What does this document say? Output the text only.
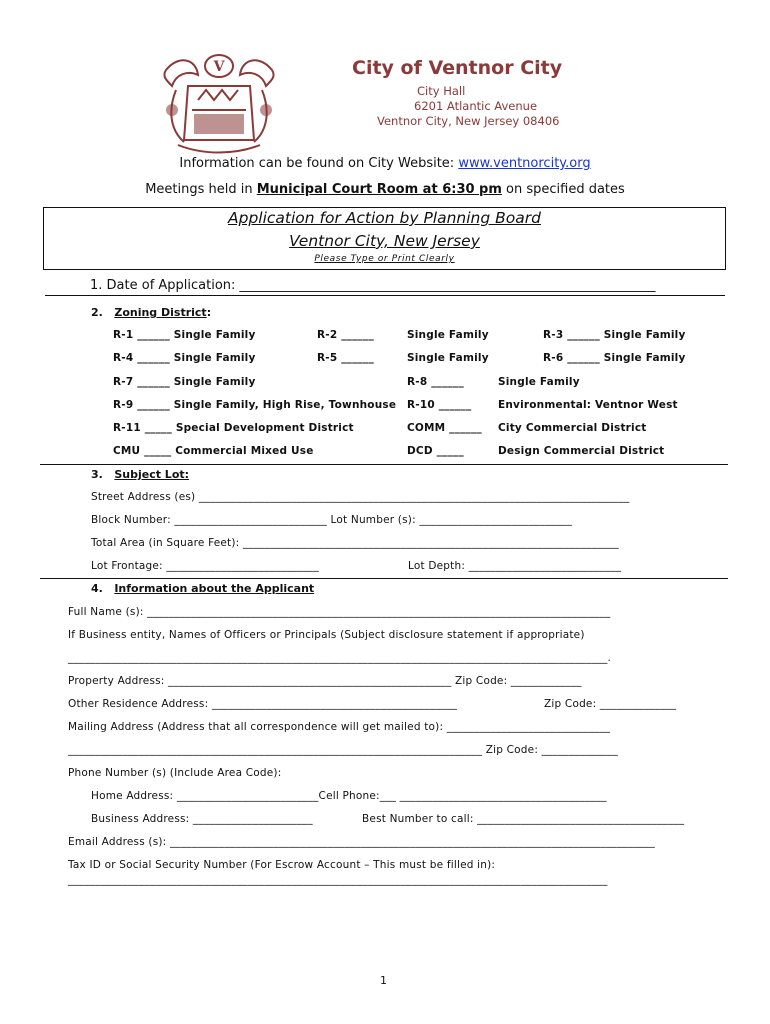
V	City of Ventnor City
City Hall
6201 Atlantic Avenue
Ventnor City, New Jersey 08406
Information can be found on City Website: www.ventnorcity.org
Meetings held in Municipal Court Room at 6:30 pm on specified dates
Application for Action by Planning Board
Ventnor City, New Jersey
Please Type or Print Clearly
1. Date of Application: ________________________________________________________________
2. Zoning District:
R-1 ______ Single Family	R-2 ______	Single Family	R-3 ______ Single Family
R-4 ______ Single Family	R-5 ______	Single Family	R-6 ______ Single Family
R-7 ______ Single Family	R-8 ______	Single Family
R-9 ______ Single Family, High Rise, Townhouse R-10 ______	Environmental: Ventnor West
R-11 _____ Special Development District	COMM ______ City Commercial District
CMU _____ Commercial Mixed Use	DCD _____	Design Commercial District
3. Subject Lot:
Street Address (es) _______________________________________________________________________________
Block Number: ____________________________ Lot Number (s): ____________________________
Total Area (in Square Feet): _____________________________________________________________________
Lot Frontage: ____________________________	Lot Depth: ____________________________
4. Information about the Applicant
Full Name (s): _____________________________________________________________________________________
If Business entity, Names of Officers or Principals (Subject disclosure statement if appropriate)
___________________________________________________________________________________________________.
Property Address: ____________________________________________________ Zip Code: _____________
Other Residence Address: _____________________________________________	Zip Code: ______________
Mailing Address (Address that all correspondence will get mailed to): ______________________________
____________________________________________________________________________ Zip Code: ______________
Phone Number (s) (Include Area Code):
Home Address: __________________________Cell Phone:___ ______________________________________
Business Address: ______________________	Best Number to call: ______________________________________
Email Address (s): _________________________________________________________________________________________
Tax ID or Social Security Number (For Escrow Account – This must be filled in):
___________________________________________________________________________________________________
1
